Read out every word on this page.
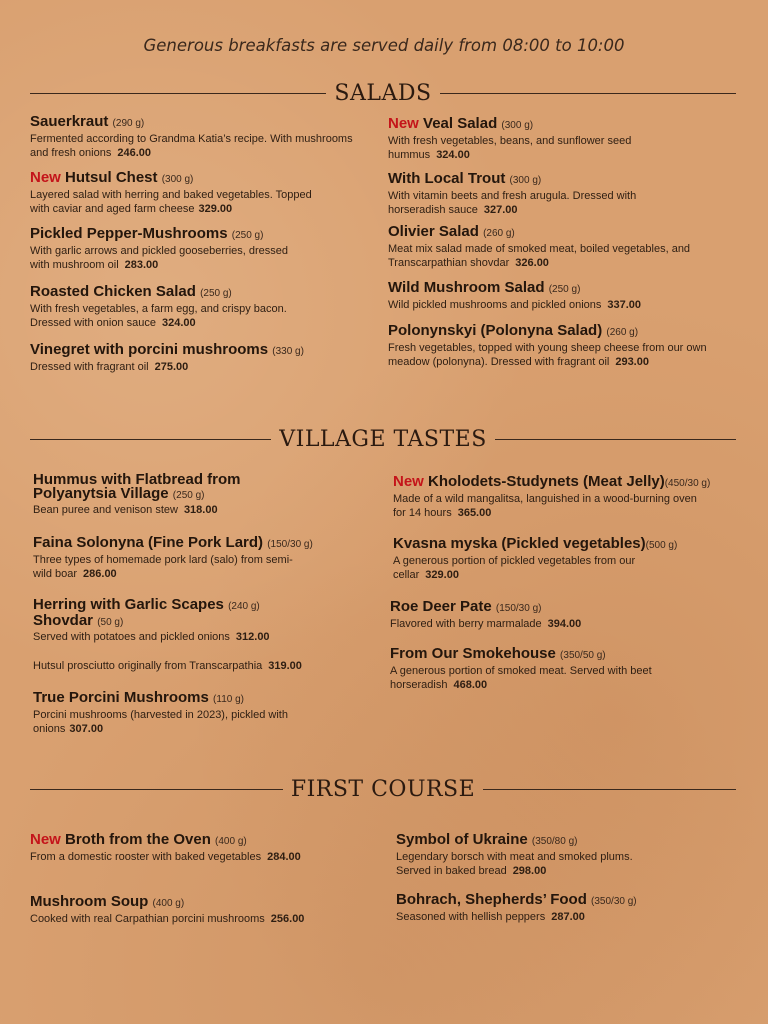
Generous breakfasts are served daily from 08:00 to 10:00
SALADS
Sauerkraut (290 g)
Fermented according to Grandma Katia’s recipe. With mushrooms and fresh onions 246.00
New Hutsul Chest (300 g)
Layered salad with herring and baked vegetables. Topped with caviar and aged farm cheese 329.00
Pickled Pepper-Mushrooms (250 g)
With garlic arrows and pickled gooseberries, dressed with mushroom oil 283.00
Roasted Chicken Salad (250 g)
With fresh vegetables, a farm egg, and crispy bacon. Dressed with onion sauce 324.00
Vinegret with porcini mushrooms (330 g)
Dressed with fragrant oil 275.00
New Veal Salad (300 g)
With fresh vegetables, beans, and sunflower seed hummus 324.00
With Local Trout (300 g)
With vitamin beets and fresh arugula. Dressed with horseradish sauce 327.00
Olivier Salad (260 g)
Meat mix salad made of smoked meat, boiled vegetables, and Transcarpathian shovdar 326.00
Wild Mushroom Salad (250 g)
Wild pickled mushrooms and pickled onions 337.00
Polonynskyi (Polonyna Salad) (260 g)
Fresh vegetables, topped with young sheep cheese from our own meadow (polonyna). Dressed with fragrant oil 293.00
VILLAGE TASTES
Hummus with Flatbread from Polyanytsia Village (250 g)
Bean puree and venison stew 318.00
Faina Solonyna (Fine Pork Lard) (150/30 g)
Three types of homemade pork lard (salo) from semi-wild boar 286.00
Herring with Garlic Scapes (240 g)
Shovdar (50 g)
Served with potatoes and pickled onions 312.00
Hutsul prosciutto originally from Transcarpathia 319.00
True Porcini Mushrooms (110 g)
Porcini mushrooms (harvested in 2023), pickled with onions 307.00
New Kholodets-Studynets (Meat Jelly)(450/30 g)
Made of a wild mangalitsa, languished in a wood-burning oven for 14 hours 365.00
Kvasna myska (Pickled vegetables)(500 g)
A generous portion of pickled vegetables from our cellar 329.00
Roe Deer Pate (150/30 g)
Flavored with berry marmalade 394.00
From Our Smokehouse (350/50 g)
A generous portion of smoked meat. Served with beet horseradish 468.00
FIRST COURSE
New Broth from the Oven (400 g)
From a domestic rooster with baked vegetables 284.00
Mushroom Soup (400 g)
Cooked with real Carpathian porcini mushrooms 256.00
Symbol of Ukraine (350/80 g)
Legendary borsch with meat and smoked plums. Served in baked bread 298.00
Bohrach, Shepherds’ Food (350/30 g)
Seasoned with hellish peppers 287.00
